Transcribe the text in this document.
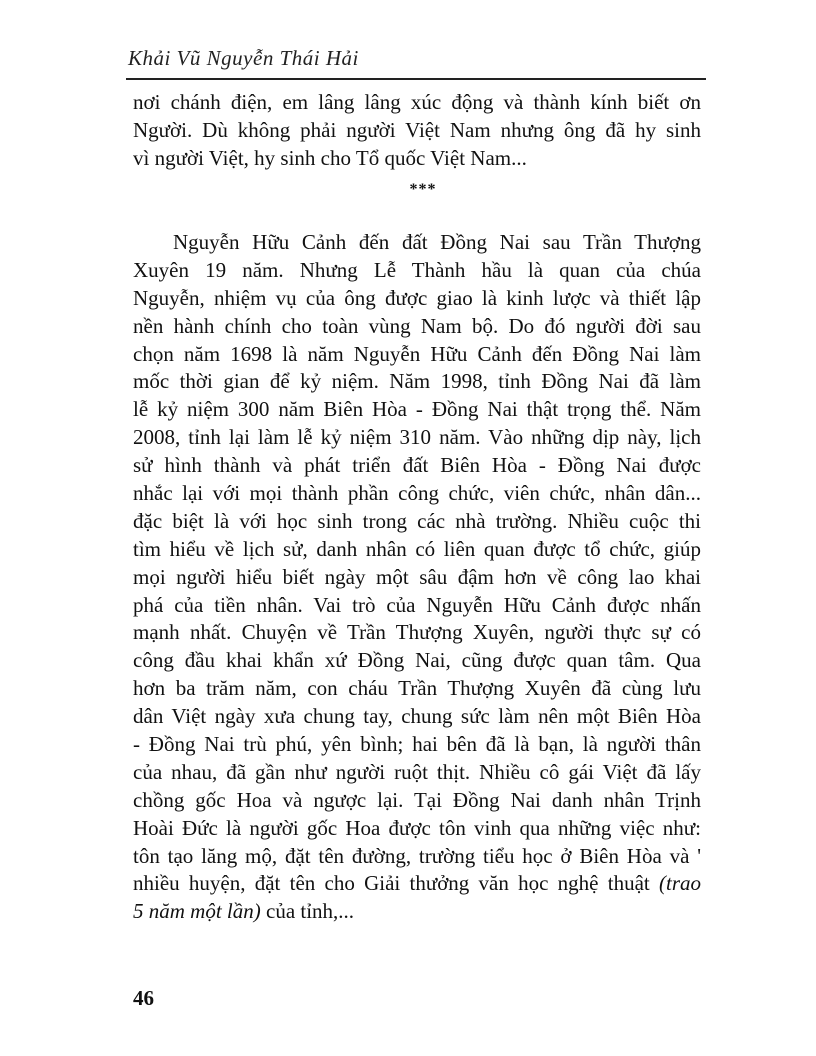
Khải Vũ Nguyễn Thái Hải
nơi chánh điện, em lâng lâng xúc động và thành kính biết ơn
Người. Dù không phải người Việt Nam nhưng ông đã hy sinh
vì người Việt, hy sinh cho Tổ quốc Việt Nam...
***
Nguyễn Hữu Cảnh đến đất Đồng Nai sau Trần Thượng
Xuyên 19 năm. Nhưng Lễ Thành hầu là quan của chúa
Nguyễn, nhiệm vụ của ông được giao là kinh lược và thiết lập
nền hành chính cho toàn vùng Nam bộ. Do đó người đời sau
chọn năm 1698 là năm Nguyễn Hữu Cảnh đến Đồng Nai làm
mốc thời gian để kỷ niệm. Năm 1998, tỉnh Đồng Nai đã làm
lễ kỷ niệm 300 năm Biên Hòa - Đồng Nai thật trọng thể. Năm
2008, tỉnh lại làm lễ kỷ niệm 310 năm. Vào những dịp này, lịch
sử hình thành và phát triển đất Biên Hòa - Đồng Nai được
nhắc lại với mọi thành phần công chức, viên chức, nhân dân...
đặc biệt là với học sinh trong các nhà trường. Nhiều cuộc thi
tìm hiểu về lịch sử, danh nhân có liên quan được tổ chức, giúp
mọi người hiểu biết ngày một sâu đậm hơn về công lao khai
phá của tiền nhân. Vai trò của Nguyễn Hữu Cảnh được nhấn
mạnh nhất. Chuyện về Trần Thượng Xuyên, người thực sự có
công đầu khai khẩn xứ Đồng Nai, cũng được quan tâm. Qua
hơn ba trăm năm, con cháu Trần Thượng Xuyên đã cùng lưu
dân Việt ngày xưa chung tay, chung sức làm nên một Biên Hòa
- Đồng Nai trù phú, yên bình; hai bên đã là bạn, là người thân
của nhau, đã gần như người ruột thịt. Nhiều cô gái Việt đã lấy
chồng gốc Hoa và ngược lại. Tại Đồng Nai danh nhân Trịnh
Hoài Đức là người gốc Hoa được tôn vinh qua những việc như:
tôn tạo lăng mộ, đặt tên đường, trường tiểu học ở Biên Hòa và '
nhiều huyện, đặt tên cho Giải thưởng văn học nghệ thuật (trao
5 năm một lần) của tỉnh,...
46
